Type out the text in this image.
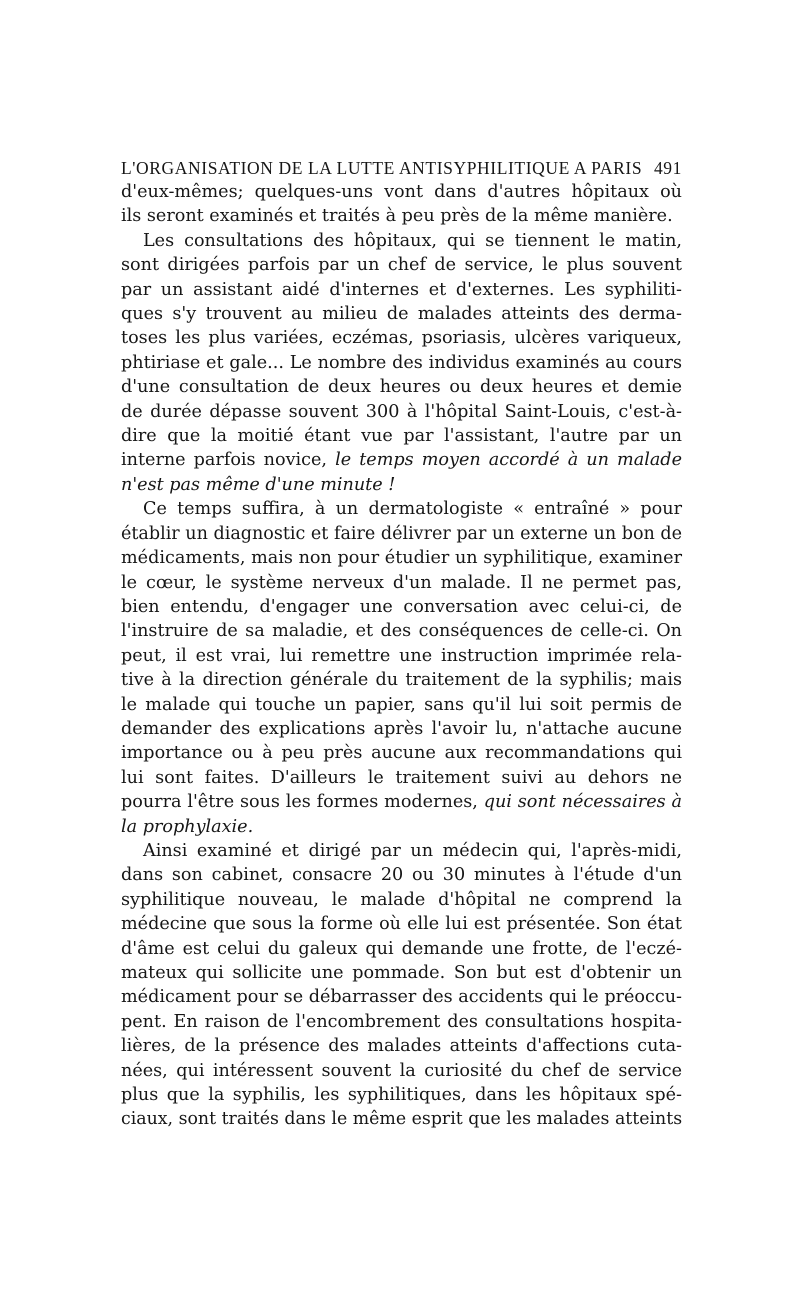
L'ORGANISATION DE LA LUTTE ANTISYPHILITIQUE A PARIS 491

d'eux-mêmes; quelques-uns vont dans d'autres hôpitaux où
ils seront examinés et traités à peu près de la même manière.

Les consultations des hôpitaux, qui se tiennent le matin,
sont dirigées parfois par un chef de service, le plus souvent
par un assistant aidé d'internes et d'externes. Les syphiliti-
ques s'y trouvent au milieu de malades atteints des derma-
toses les plus variées, eczémas, psoriasis, ulcères variqueux,
phtiriase et gale... Le nombre des individus examinés au cours
d'une consultation de deux heures ou deux heures et demie
de durée dépasse souvent 300 à l'hôpital Saint-Louis, c'est-à-
dire que la moitié étant vue par l'assistant, l'autre par un
interne parfois novice, le temps moyen accordé à un malade
n'est pas même d'une minute !

Ce temps suffira, à un dermatologiste « entraîné » pour
établir un diagnostic et faire délivrer par un externe un bon de
médicaments, mais non pour étudier un syphilitique, examiner
le cœur, le système nerveux d'un malade. Il ne permet pas,
bien entendu, d'engager une conversation avec celui-ci, de
l'instruire de sa maladie, et des conséquences de celle-ci. On
peut, il est vrai, lui remettre une instruction imprimée rela-
tive à la direction générale du traitement de la syphilis; mais
le malade qui touche un papier, sans qu'il lui soit permis de
demander des explications après l'avoir lu, n'attache aucune
importance ou à peu près aucune aux recommandations qui
lui sont faites. D'ailleurs le traitement suivi au dehors ne
pourra l'être sous les formes modernes, qui sont nécessaires à
la prophylaxie.

Ainsi examiné et dirigé par un médecin qui, l'après-midi,
dans son cabinet, consacre 20 ou 30 minutes à l'étude d'un
syphilitique nouveau, le malade d'hôpital ne comprend la
médecine que sous la forme où elle lui est présentée. Son état
d'âme est celui du galeux qui demande une frotte, de l'eczé-
mateux qui sollicite une pommade. Son but est d'obtenir un
médicament pour se débarrasser des accidents qui le préoccu-
pent. En raison de l'encombrement des consultations hospita-
lières, de la présence des malades atteints d'affections cuta-
nées, qui intéressent souvent la curiosité du chef de service
plus que la syphilis, les syphilitiques, dans les hôpitaux spé-
ciaux, sont traités dans le même esprit que les malades atteints
